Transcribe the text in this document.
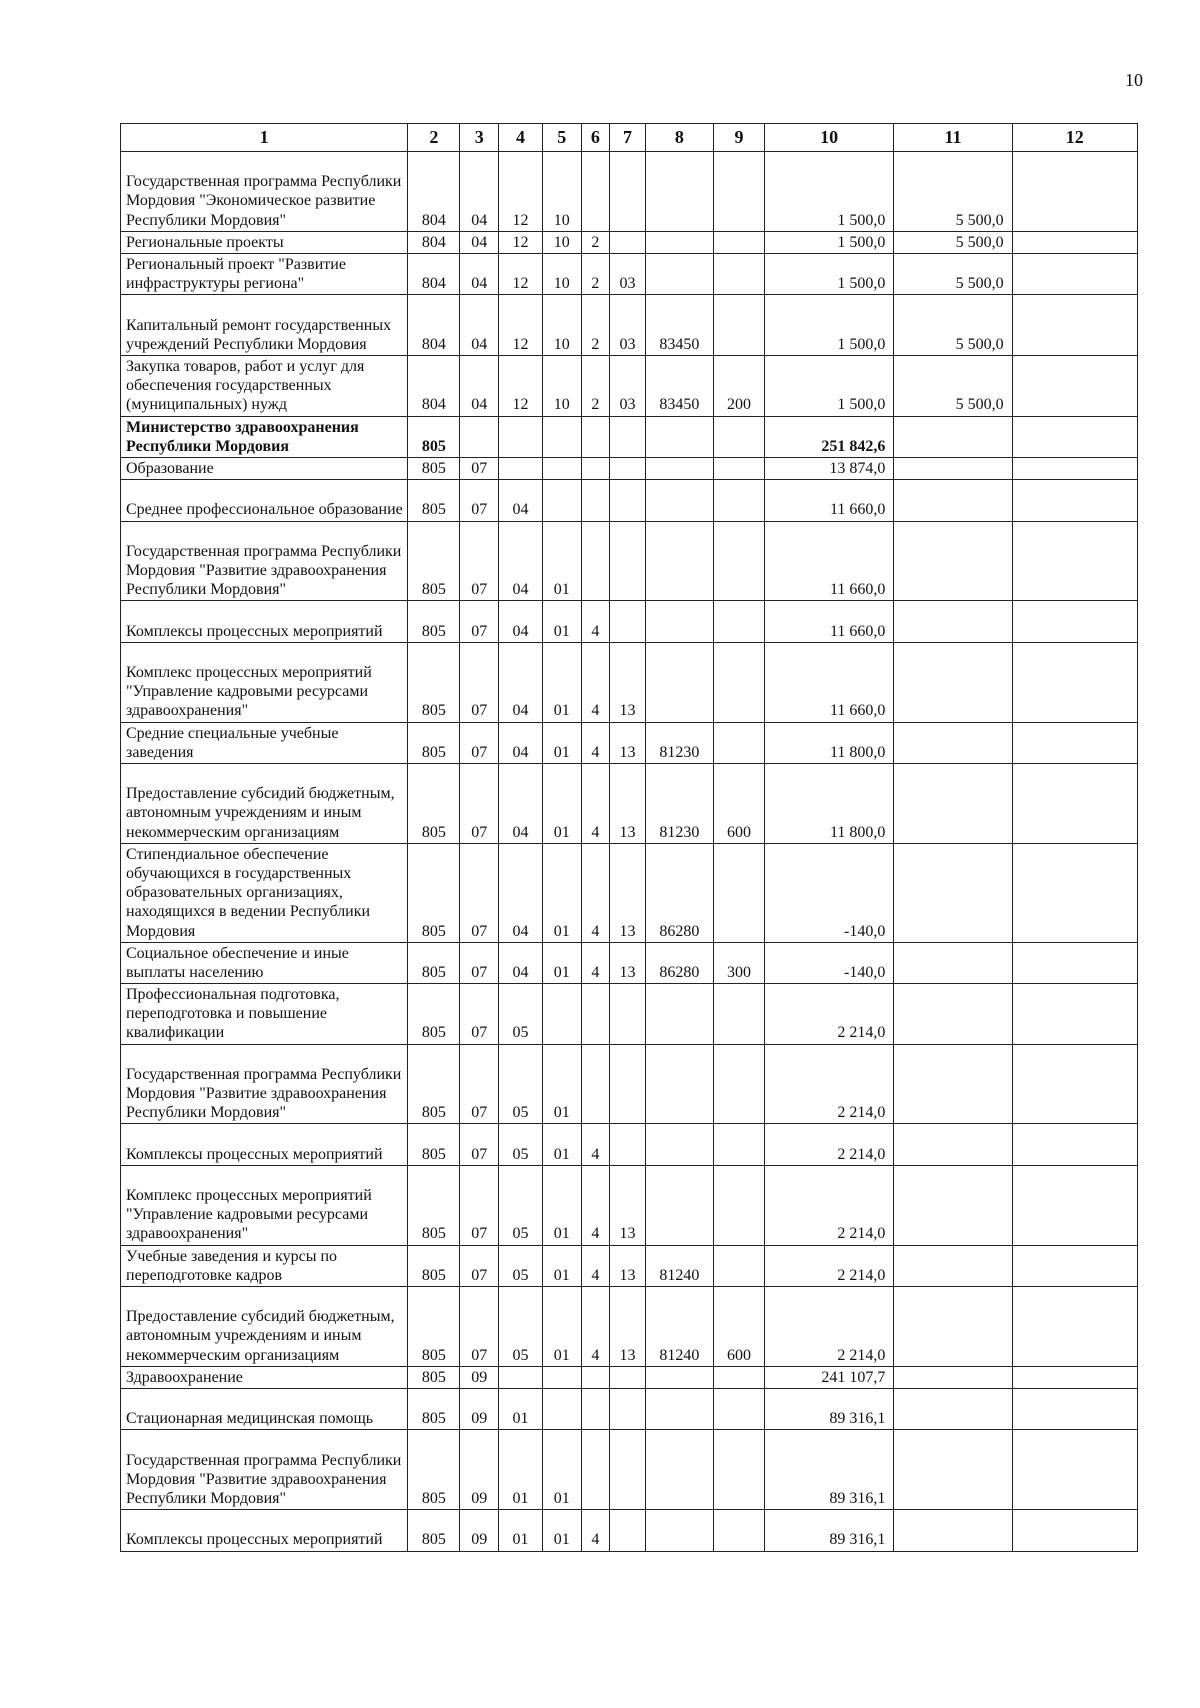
10
1	2	3	4	5	6	7	8	9	10	11	12
Государственная программа Республики Мордовия "Экономическое развитие Республики Мордовия"	804	04	12	10					1 500,0	5 500,0	
Региональные проекты	804	04	12	10	2				1 500,0	5 500,0	
Региональный проект "Развитие инфраструктуры региона"	804	04	12	10	2	03			1 500,0	5 500,0	
Капитальный ремонт государственных учреждений Республики Мордовия	804	04	12	10	2	03	83450		1 500,0	5 500,0	
Закупка товаров, работ и услуг для обеспечения государственных (муниципальных) нужд	804	04	12	10	2	03	83450	200	1 500,0	5 500,0	
Министерство здравоохранения Республики Мордовия	805								251 842,6		
Образование	805	07							13 874,0		
Среднее профессиональное образование	805	07	04						11 660,0		
Государственная программа Республики Мордовия "Развитие здравоохранения Республики Мордовия"	805	07	04	01					11 660,0		
Комплексы процессных мероприятий	805	07	04	01	4				11 660,0		
Комплекс процессных мероприятий "Управление кадровыми ресурсами здравоохранения"	805	07	04	01	4	13			11 660,0		
Средние специальные учебные заведения	805	07	04	01	4	13	81230		11 800,0		
Предоставление субсидий бюджетным, автономным учреждениям и иным некоммерческим организациям	805	07	04	01	4	13	81230	600	11 800,0		
Стипендиальное обеспечение обучающихся в государственных образовательных организациях, находящихся в ведении Республики Мордовия	805	07	04	01	4	13	86280		-140,0		
Социальное обеспечение и иные выплаты населению	805	07	04	01	4	13	86280	300	-140,0		
Профессиональная подготовка, переподготовка и повышение квалификации	805	07	05						2 214,0		
Государственная программа Республики Мордовия "Развитие здравоохранения Республики Мордовия"	805	07	05	01					2 214,0		
Комплексы процессных мероприятий	805	07	05	01	4				2 214,0		
Комплекс процессных мероприятий "Управление кадровыми ресурсами здравоохранения"	805	07	05	01	4	13			2 214,0		
Учебные заведения и курсы по переподготовке кадров	805	07	05	01	4	13	81240		2 214,0		
Предоставление субсидий бюджетным, автономным учреждениям и иным некоммерческим организациям	805	07	05	01	4	13	81240	600	2 214,0		
Здравоохранение	805	09							241 107,7		
Стационарная медицинская помощь	805	09	01						89 316,1		
Государственная программа Республики Мордовия "Развитие здравоохранения Республики Мордовия"	805	09	01	01					89 316,1		
Комплексы процессных мероприятий	805	09	01	01	4				89 316,1		
